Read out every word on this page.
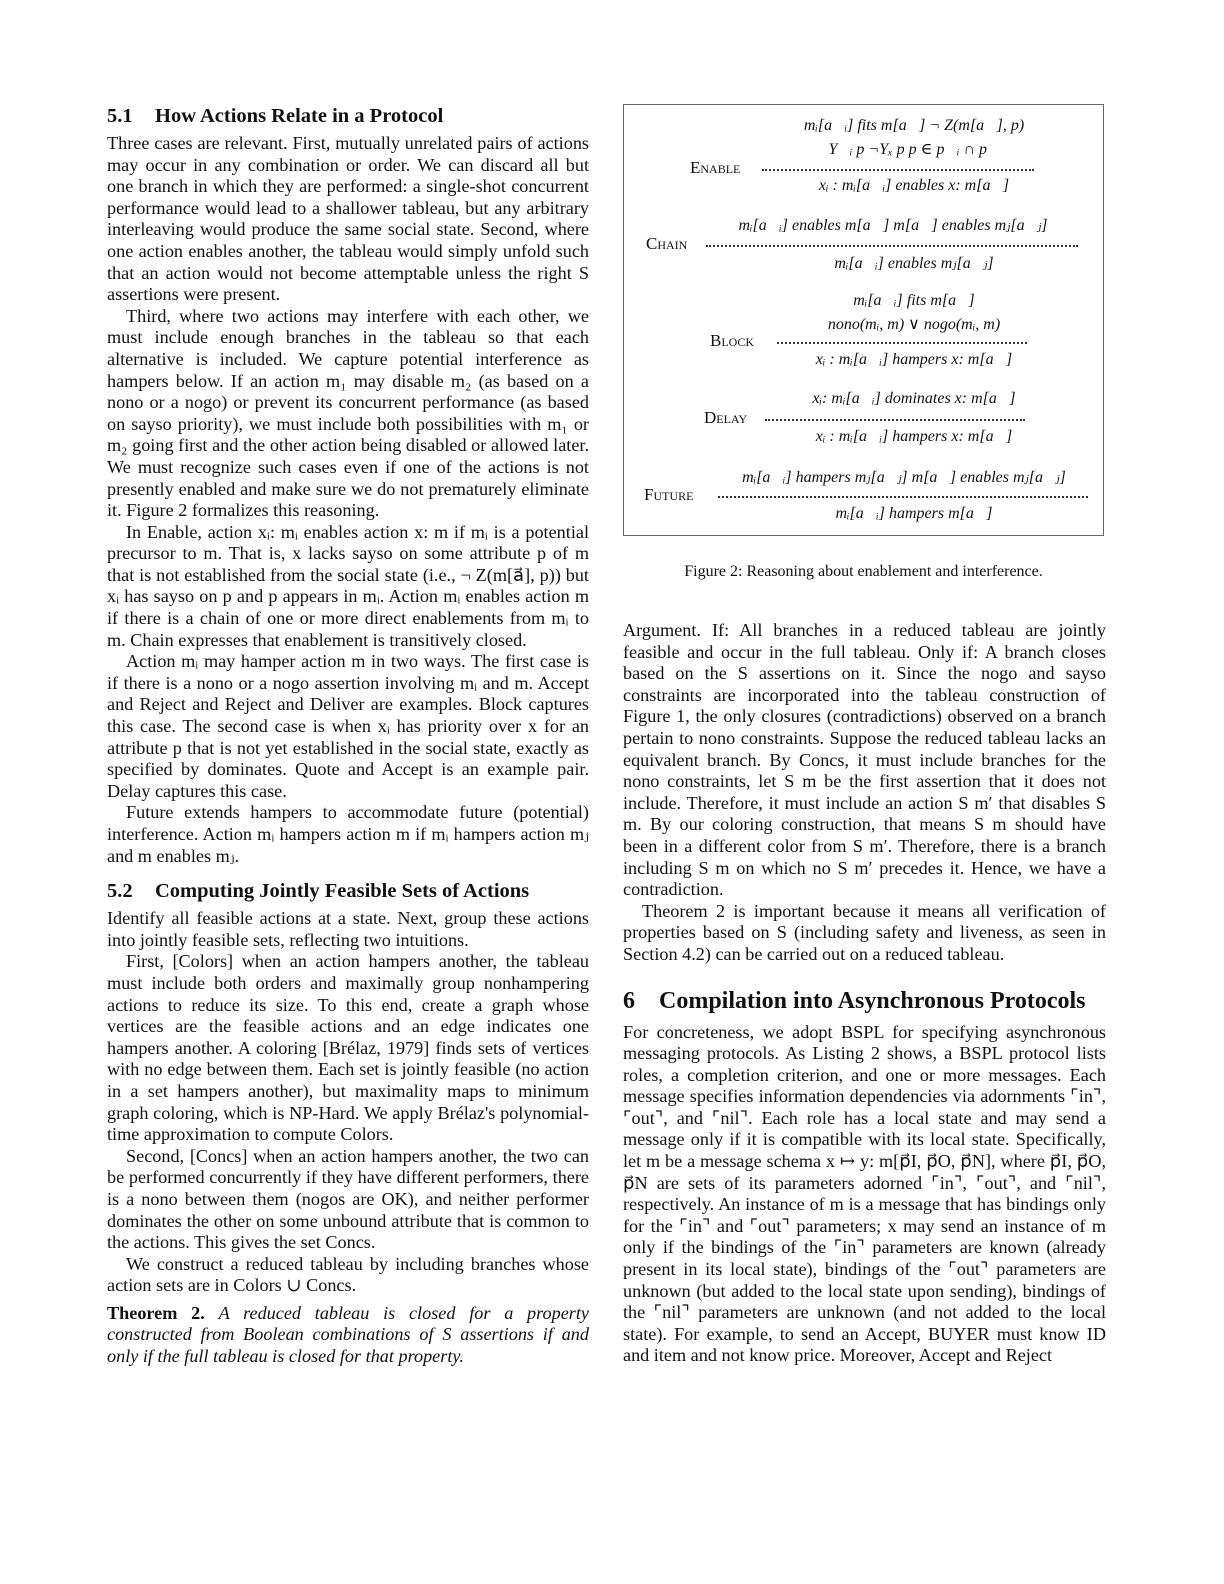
5.1 How Actions Relate in a Protocol

Three cases are relevant. First, mutually unrelated pairs of actions may occur in any combination or order. We can discard all but one branch in which they are performed: a single-shot concurrent performance would lead to a shallower tableau, but any arbitrary interleaving would produce the same social state. Second, where one action enables another, the tableau would simply unfold such that an action would not become attemptable unless the right S assertions were present.

Third, where two actions may interfere with each other, we must include enough branches in the tableau so that each alternative is included. We capture potential interference as hampers below. If an action m₁ may disable m₂ (as based on a nono or a nogo) or prevent its concurrent performance (as based on sayso priority), we must include both possibilities with m₁ or m₂ going first and the other action being disabled or allowed later. We must recognize such cases even if one of the actions is not presently enabled and make sure we do not prematurely eliminate it. Figure 2 formalizes this reasoning.

In Enable, action xᵢ: mᵢ enables action x: m if mᵢ is a potential precursor to m. That is, x lacks sayso on some attribute p of m that is not established from the social state (i.e., ¬ Z(m[a⃗], p)) but xᵢ has sayso on p and p appears in mᵢ. Action mᵢ enables action m if there is a chain of one or more direct enablements from mᵢ to m. Chain expresses that enablement is transitively closed.

Action mᵢ may hamper action m in two ways. The first case is if there is a nono or a nogo assertion involving mᵢ and m. Accept and Reject and Reject and Deliver are examples. Block captures this case. The second case is when xᵢ has priority over x for an attribute p that is not yet established in the social state, exactly as specified by dominates. Quote and Accept is an example pair. Delay captures this case.

Future extends hampers to accommodate future (potential) interference. Action mᵢ hampers action m if mᵢ hampers action mⱼ and m enables mⱼ.

5.2 Computing Jointly Feasible Sets of Actions

Identify all feasible actions at a state. Next, group these actions into jointly feasible sets, reflecting two intuitions.

First, [Colors] when an action hampers another, the tableau must include both orders and maximally group nonhampering actions to reduce its size. To this end, create a graph whose vertices are the feasible actions and an edge indicates one hampers another. A coloring [Brélaz, 1979] finds sets of vertices with no edge between them. Each set is jointly feasible (no action in a set hampers another), but maximality maps to minimum graph coloring, which is NP-Hard. We apply Brélaz's polynomial-time approximation to compute Colors.

Second, [Concs] when an action hampers another, the two can be performed concurrently if they have different performers, there is a nono between them (nogos are OK), and neither performer dominates the other on some unbound attribute that is common to the actions. This gives the set Concs.

We construct a reduced tableau by including branches whose action sets are in Colors ∪ Concs.

Theorem 2. A reduced tableau is closed for a property constructed from Boolean combinations of S assertions if and only if the full tableau is closed for that property.

mᵢ[a⃗ᵢ] fits m[a⃗] ¬ Z(m[a⃗], p)
Y꜀ᵢ p ¬Yₓ p p ∈ p⃗ᵢ ∩ p⃗
Enable
xᵢ : mᵢ[a⃗ᵢ] enables x: m[a⃗]
mᵢ[a⃗ᵢ] enables m[a⃗] m[a⃗] enables mⱼ[a⃗ⱼ]
Chain
mᵢ[a⃗ᵢ] enables mⱼ[a⃗ⱼ]
mᵢ[a⃗ᵢ] fits m[a⃗]
nono(mᵢ, m) ∨ nogo(mᵢ, m)
Block
xᵢ : mᵢ[a⃗ᵢ] hampers x: m[a⃗]
xᵢ: mᵢ[a⃗ᵢ] dominates x: m[a⃗]
Delay
xᵢ : mᵢ[a⃗ᵢ] hampers x: m[a⃗]
mᵢ[a⃗ᵢ] hampers mⱼ[a⃗ⱼ] m[a⃗] enables mⱼ[a⃗ⱼ]
Future
mᵢ[a⃗ᵢ] hampers m[a⃗]
Figure 2: Reasoning about enablement and interference.

Argument. If: All branches in a reduced tableau are jointly feasible and occur in the full tableau. Only if: A branch closes based on the S assertions on it. Since the nogo and sayso constraints are incorporated into the tableau construction of Figure 1, the only closures (contradictions) observed on a branch pertain to nono constraints. Suppose the reduced tableau lacks an equivalent branch. By Concs, it must include branches for the nono constraints, let S m be the first assertion that it does not include. Therefore, it must include an action S m′ that disables S m. By our coloring construction, that means S m should have been in a different color from S m′. Therefore, there is a branch including S m on which no S m′ precedes it. Hence, we have a contradiction.

Theorem 2 is important because it means all verification of properties based on S (including safety and liveness, as seen in Section 4.2) can be carried out on a reduced tableau.

6 Compilation into Asynchronous Protocols

For concreteness, we adopt BSPL for specifying asynchronous messaging protocols. As Listing 2 shows, a BSPL protocol lists roles, a completion criterion, and one or more messages. Each message specifies information dependencies via adornments ⌜in⌝, ⌜out⌝, and ⌜nil⌝. Each role has a local state and may send a message only if it is compatible with its local state. Specifically, let m be a message schema x ↦ y: m[p⃗I, p⃗O, p⃗N], where p⃗I, p⃗O, p⃗N are sets of its parameters adorned ⌜in⌝, ⌜out⌝, and ⌜nil⌝, respectively. An instance of m is a message that has bindings only for the ⌜in⌝ and ⌜out⌝ parameters; x may send an instance of m only if the bindings of the ⌜in⌝ parameters are known (already present in its local state), bindings of the ⌜out⌝ parameters are unknown (but added to the local state upon sending), bindings of the ⌜nil⌝ parameters are unknown (and not added to the local state). For example, to send an Accept, BUYER must know ID and item and not know price. Moreover, Accept and Reject
